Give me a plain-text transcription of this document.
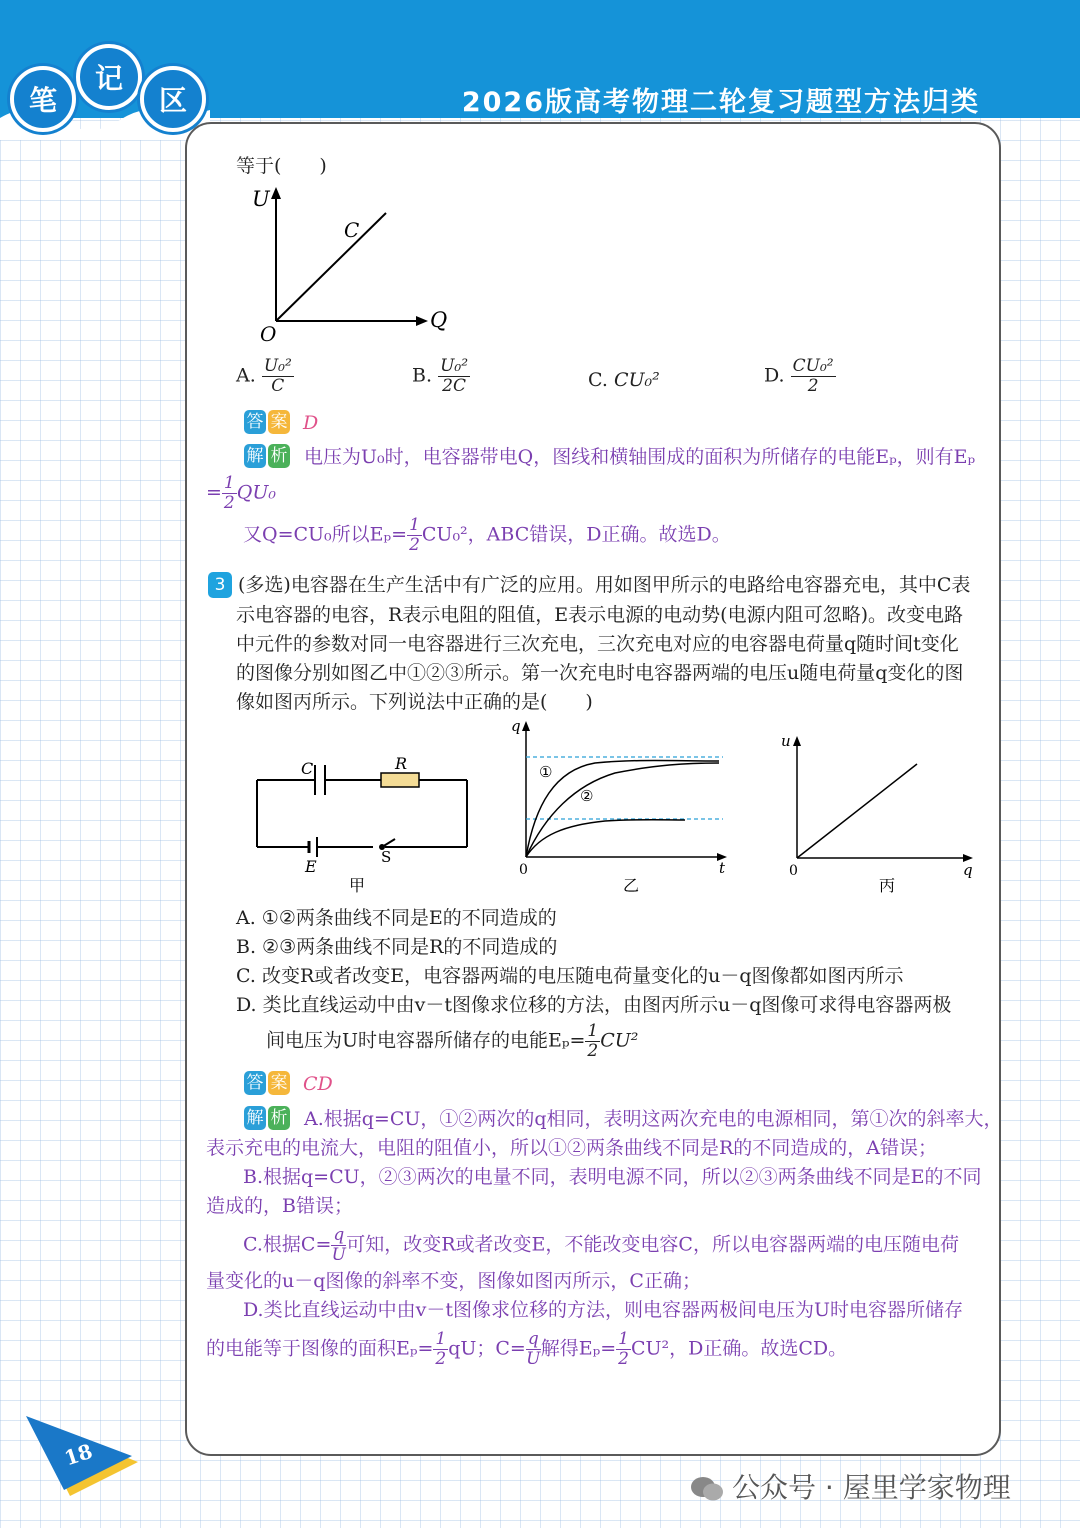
笔
记
区	2026版高考物理二轮复习题型方法归类
等于(　　)
U
Q
O
C
A. $\frac{\text{U₀²}}{C}$	B. $\frac{\text{U₀²}}{2C}$	C. CU₀²	D. $\frac{\text{CU₀²}}{2}$
答 案 D
解 析 电压为U₀时，电容器带电Q，图线和横轴围成的面积为所储存的电能Eₚ，则有Eₚ
= $\frac{1}{2} QU_0$
又Q=CU₀所以$E_p= \frac{1}{2} CU_0^2$，ABC错误，D正确。故选D。
3 (多选)电容器在生产生活中有广泛的应用。用如图甲所示的电路给电容器充电，其中C表
示电容器的电容，R表示电阻的阻值，E表示电源的电动势(电源内阻可忽略)。改变电路
中元件的参数对同一电容器进行三次充电，三次充电对应的电容器电荷量q随时间t变化
的图像分别如图乙中①②③所示。第一次充电时电容器两端的电压u随电荷量q变化的图
像如图丙所示。下列说法中正确的是(　　)
C	R
E	S
甲
①
②
q
t
0
乙
u
q
0
丙
A. ①②两条曲线不同是E的不同造成的
B. ②③两条曲线不同是R的不同造成的
C. 改变R或者改变E，电容器两端的电压随电荷量变化的u－q图像都如图丙所示
D. 类比直线运动中由v－t图像求位移的方法，由图丙所示u－q图像可求得电容器两极
间电压为U时电容器所储存的电能$E_p= \frac{1}{2} CU^2$
答 案 CD
解 析 A.根据q=CU，①②两次的q相同，表明这两次充电的电源相同，第①次的斜率大，
表示充电的电流大，电阻的阻值小，所以①②两条曲线不同是R的不同造成的，A错误；
B.根据q=CU，②③两次的电量不同，表明电源不同，所以②③两条曲线不同是E的不同
造成的，B错误；
C.根据$C= \frac{q}{U}$ 可知，改变R或者改变E，不能改变电容C，所以电容器两端的电压随电荷
量变化的u－q图像的斜率不变，图像如图丙所示，C正确；
D.类比直线运动中由v－t图像求位移的方法，则电容器两极间电压为U时电容器所储存
的电能等于图像的面积$E_p= \frac{1}{2}$ qU；$C= \frac{q}{U}$ 解得$E_p= \frac{1}{2} CU^2$，D正确。故选CD。
18
公众号 · 屋里学家物理
